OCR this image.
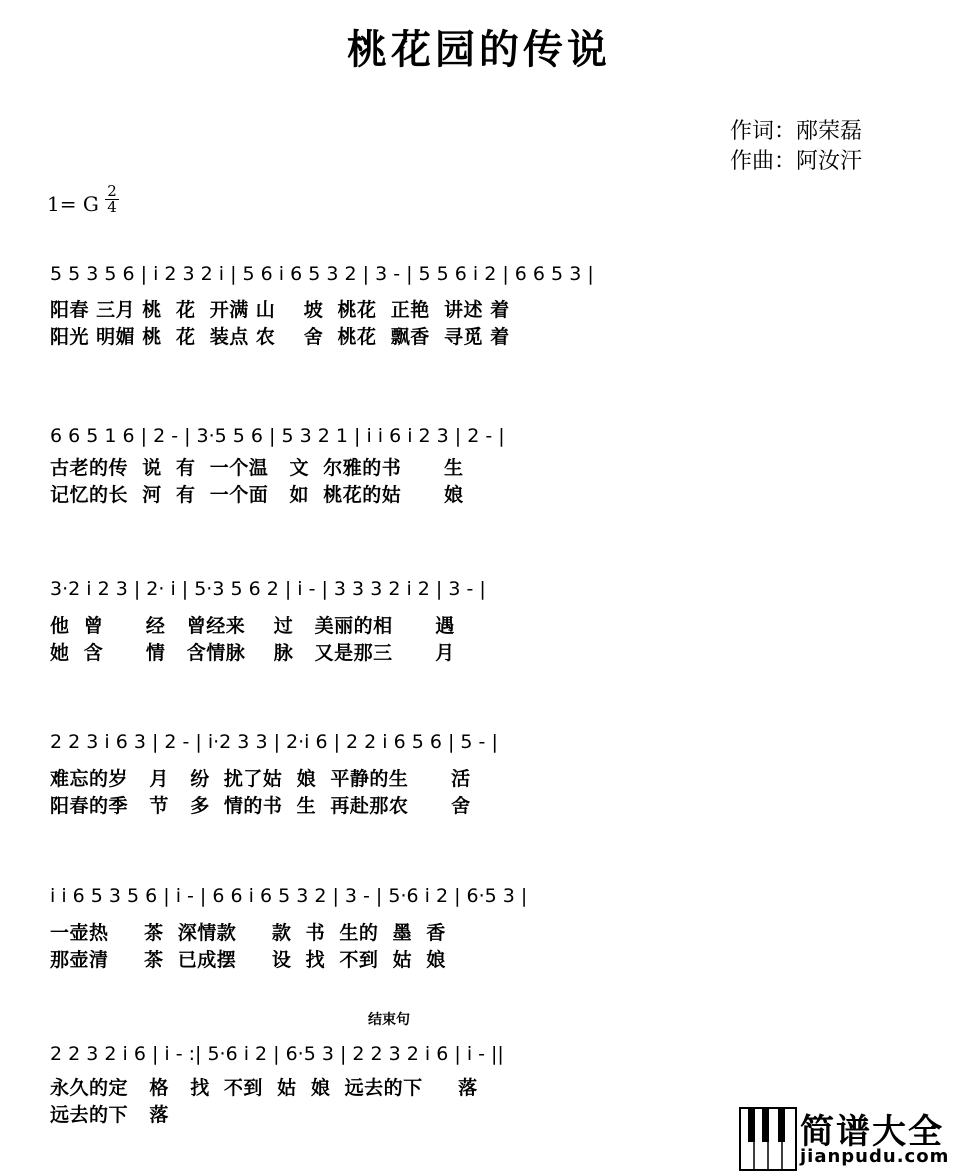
桃花园的传说
作词：邴荣磊
作曲：阿汝汗
1= G
2
4
5 5 3 5 6 | i 2 3 2 i | 5 6 i 6 5 3 2 | 3 - | 5 5 6 i 2 | 6 6 5 3 |
阳春 三月 桃  花  开满 山    坡  桃花  正艳  讲述 着
阳光 明媚 桃  花  装点 农    舍  桃花  飘香  寻觅 着
6 6 5 1 6 | 2 - | 3·5 5 6 | 5 3 2 1 | i i 6 i 2 3 | 2 - |
古老的传  说  有  一个温   文  尔雅的书      生
记忆的长  河  有  一个面   如  桃花的姑      娘
3·2 i 2 3 | 2· i | 5·3 5 6 2 | i - | 3 3 3 2 i 2 | 3 - |
他  曾      经   曾经来    过   美丽的相      遇
她  含      情   含情脉    脉   又是那三      月
2 2 3 i 6 3 | 2 - | i·2 3 3 | 2·i 6 | 2 2 i 6 5 6 | 5 - |
难忘的岁   月   纷  扰了姑  娘  平静的生      活
阳春的季   节   多  情的书  生  再赴那农      舍
i i 6 5 3 5 6 | i - | 6 6 i 6 5 3 2 | 3 - | 5·6 i 2 | 6·5 3 |
一壶热     茶  深情款     款  书  生的  墨  香
那壶清     茶  已成摆     设  找  不到  姑  娘
结束句
2 2 3 2 i 6 | i - :| 5·6 i 2 | 6·5 3 | 2 2 3 2 i 6 | i - ||
永久的定   格   找  不到  姑  娘  远去的下     落
远去的下   落	简谱大全
jianpudu.com
